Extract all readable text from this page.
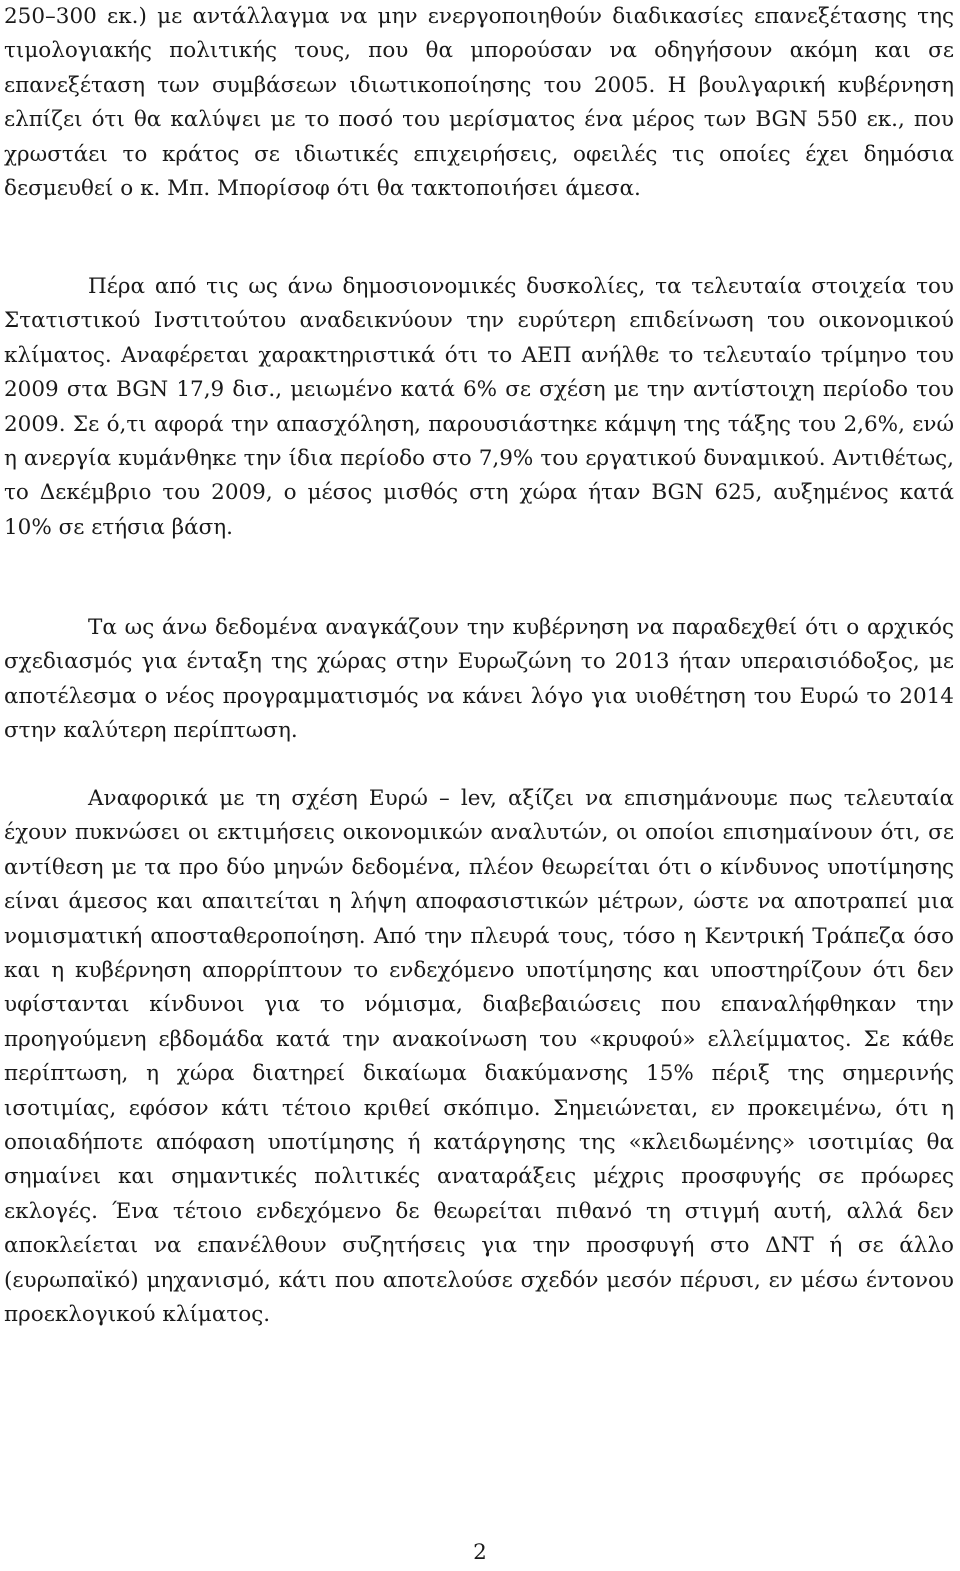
250–300 εκ.) με αντάλλαγμα να μην ενεργοποιηθούν διαδικασίες επανεξέτασης της τιμολογιακής πολιτικής τους, που θα μπορούσαν να οδηγήσουν ακόμη και σε επανεξέταση των συμβάσεων ιδιωτικοποίησης του 2005. Η βουλγαρική κυβέρνηση ελπίζει ότι θα καλύψει με το ποσό του μερίσματος ένα μέρος των BGN 550 εκ., που χρωστάει το κράτος σε ιδιωτικές επιχειρήσεις, οφειλές τις οποίες έχει δημόσια δεσμευθεί ο κ. Μπ. Μπορίσοφ ότι θα τακτοποιήσει άμεσα.

Πέρα από τις ως άνω δημοσιονομικές δυσκολίες, τα τελευταία στοιχεία του Στατιστικού Ινστιτούτου αναδεικνύουν την ευρύτερη επιδείνωση του οικονομικού κλίματος. Αναφέρεται χαρακτηριστικά ότι το ΑΕΠ ανήλθε το τελευταίο τρίμηνο του 2009 στα BGN 17,9 δισ., μειωμένο κατά 6% σε σχέση με την αντίστοιχη περίοδο του 2009. Σε ό,τι αφορά την απασχόληση, παρουσιάστηκε κάμψη της τάξης του 2,6%, ενώ η ανεργία κυμάνθηκε την ίδια περίοδο στο 7,9% του εργατικού δυναμικού. Αντιθέτως, το Δεκέμβριο του 2009, ο μέσος μισθός στη χώρα ήταν BGN 625, αυξημένος κατά 10% σε ετήσια βάση.

Τα ως άνω δεδομένα αναγκάζουν την κυβέρνηση να παραδεχθεί ότι ο αρχικός σχεδιασμός για ένταξη της χώρας στην Ευρωζώνη το 2013 ήταν υπεραισιόδοξος, με αποτέλεσμα ο νέος προγραμματισμός να κάνει λόγο για υιοθέτηση του Ευρώ το 2014 στην καλύτερη περίπτωση.

Αναφορικά με τη σχέση Ευρώ – lev, αξίζει να επισημάνουμε πως τελευταία έχουν πυκνώσει οι εκτιμήσεις οικονομικών αναλυτών, οι οποίοι επισημαίνουν ότι, σε αντίθεση με τα προ δύο μηνών δεδομένα, πλέον θεωρείται ότι ο κίνδυνος υποτίμησης είναι άμεσος και απαιτείται η λήψη αποφασιστικών μέτρων, ώστε να αποτραπεί μια νομισματική αποσταθεροποίηση. Από την πλευρά τους, τόσο η Κεντρική Τράπεζα όσο και η κυβέρνηση απορρίπτουν το ενδεχόμενο υποτίμησης και υποστηρίζουν ότι δεν υφίστανται κίνδυνοι για το νόμισμα, διαβεβαιώσεις που επαναλήφθηκαν την προηγούμενη εβδομάδα κατά την ανακοίνωση του «κρυφού» ελλείμματος. Σε κάθε περίπτωση, η χώρα διατηρεί δικαίωμα διακύμανσης 15% πέριξ της σημερινής ισοτιμίας, εφόσον κάτι τέτοιο κριθεί σκόπιμο. Σημειώνεται, εν προκειμένω, ότι η οποιαδήποτε απόφαση υποτίμησης ή κατάργησης της «κλειδωμένης» ισοτιμίας θα σημαίνει και σημαντικές πολιτικές αναταράξεις μέχρις προσφυγής σε πρόωρες εκλογές. Ένα τέτοιο ενδεχόμενο δε θεωρείται πιθανό τη στιγμή αυτή, αλλά δεν αποκλείεται να επανέλθουν συζητήσεις για την προσφυγή στο ΔΝΤ ή σε άλλο (ευρωπαϊκό) μηχανισμό, κάτι που αποτελούσε σχεδόν μεσόν πέρυσι, εν μέσω έντονου προεκλογικού κλίματος.

2
